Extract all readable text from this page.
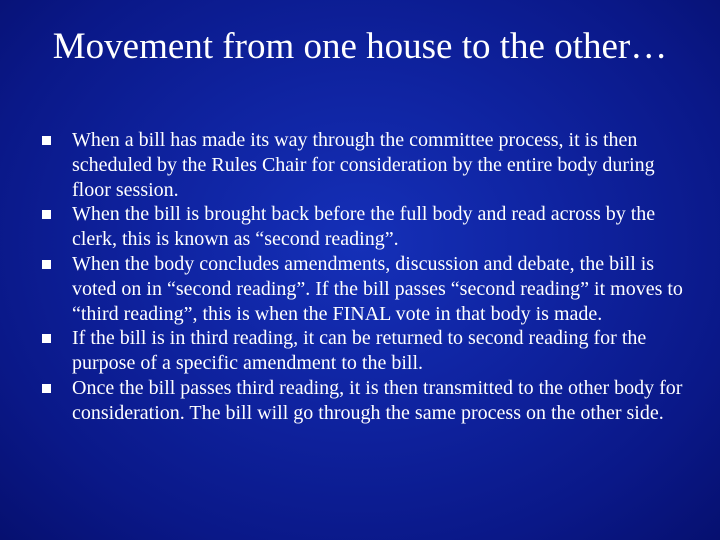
Movement from one house to the other…
When a bill has made its way through the committee process, it is then scheduled by the Rules Chair for consideration by the entire body during floor session.
When the bill is brought back before the full body and read across by the clerk, this is known as “second reading”.
When the body concludes amendments, discussion and debate, the bill is voted on in “second reading”. If the bill passes “second reading” it moves to “third reading”, this is when the FINAL vote in that body is made.
If the bill is in third reading, it can be returned to second reading for the purpose of a specific amendment to the bill.
Once the bill passes third reading, it is then transmitted to the other body for consideration. The bill will go through the same process on the other side.
